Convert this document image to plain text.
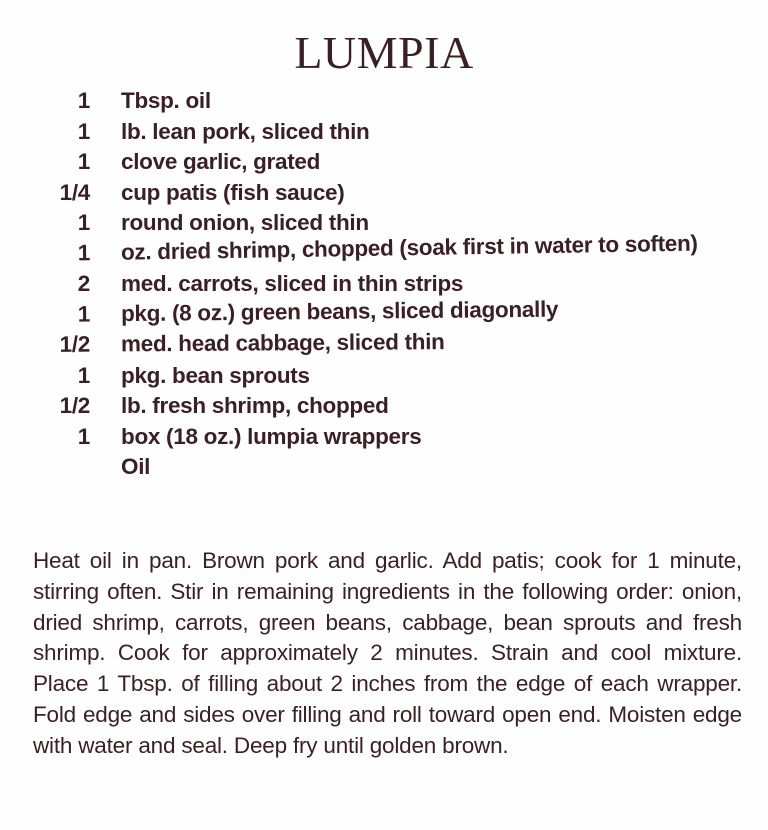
LUMPIA
1 Tbsp. oil
1 lb. lean pork, sliced thin
1 clove garlic, grated
1/4 cup patis (fish sauce)
1 round onion, sliced thin
1 oz. dried shrimp, chopped (soak first in water to soften)
2 med. carrots, sliced in thin strips
1 pkg. (8 oz.) green beans, sliced diagonally
1/2 med. head cabbage, sliced thin
1 pkg. bean sprouts
1/2 lb. fresh shrimp, chopped
1 box (18 oz.) lumpia wrappers
Oil

Heat oil in pan. Brown pork and garlic. Add patis; cook for 1 minute, stirring often. Stir in remaining ingredients in the following order: onion, dried shrimp, carrots, green beans, cabbage, bean sprouts and fresh shrimp. Cook for approximately 2 minutes. Strain and cool mixture. Place 1 Tbsp. of filling about 2 inches from the edge of each wrapper. Fold edge and sides over filling and roll toward open end. Moisten edge with water and seal. Deep fry until golden brown.
